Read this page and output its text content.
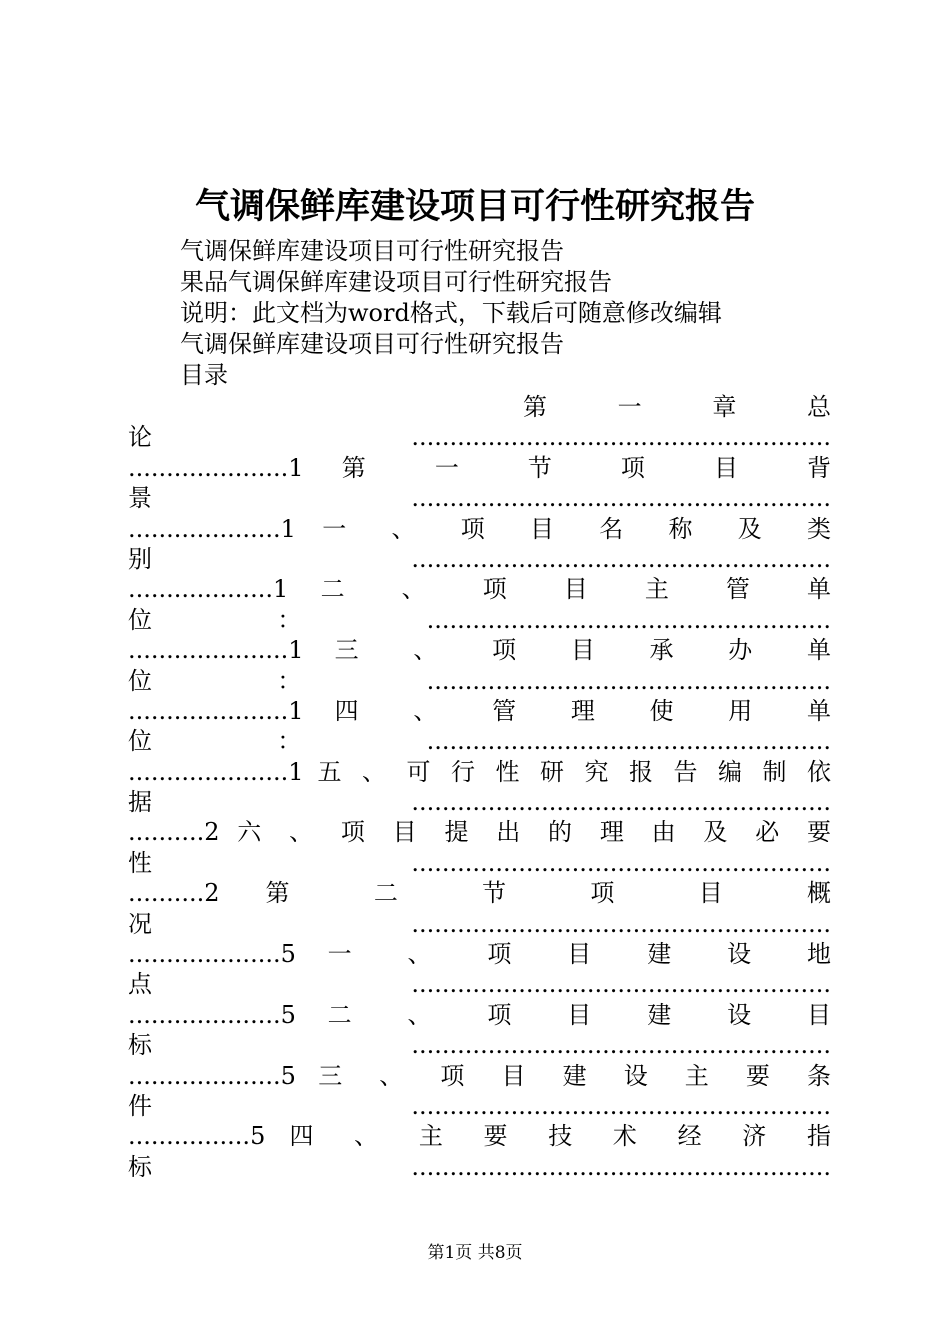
气调保鲜库建设项目可行性研究报告
气调保鲜库建设项目可行性研究报告
果品气调保鲜库建设项目可行性研究报告
说明：此文档为word格式，下载后可随意修改编辑
气调保鲜库建设项目可行性研究报告
目录
第 一 章 总
论.......................................................
.....................1 第 一 节 项 目 背
景.......................................................
....................1 一 、 项 目 名 称 及 类
别.......................................................
...................1 二 、 项 目 主 管 单
位：.....................................................
.....................1 三 、 项 目 承 办 单
位：.....................................................
.....................1 四 、 管 理 使 用 单
位：.....................................................
.....................1 五 、 可 行 性 研 究 报 告 编 制 依
据.......................................................
..........2 六 、 项 目 提 出 的 理 由 及 必 要
性.......................................................
..........2 第 二 节 项 目 概
况.......................................................
....................5 一 、 项 目 建 设 地
点.......................................................
....................5 二 、 项 目 建 设 目
标.......................................................
....................5 三 、 项 目 建 设 主 要 条
件.......................................................
................5 四 、 主 要 技 术 经 济 指
标.......................................................
第1页 共8页
